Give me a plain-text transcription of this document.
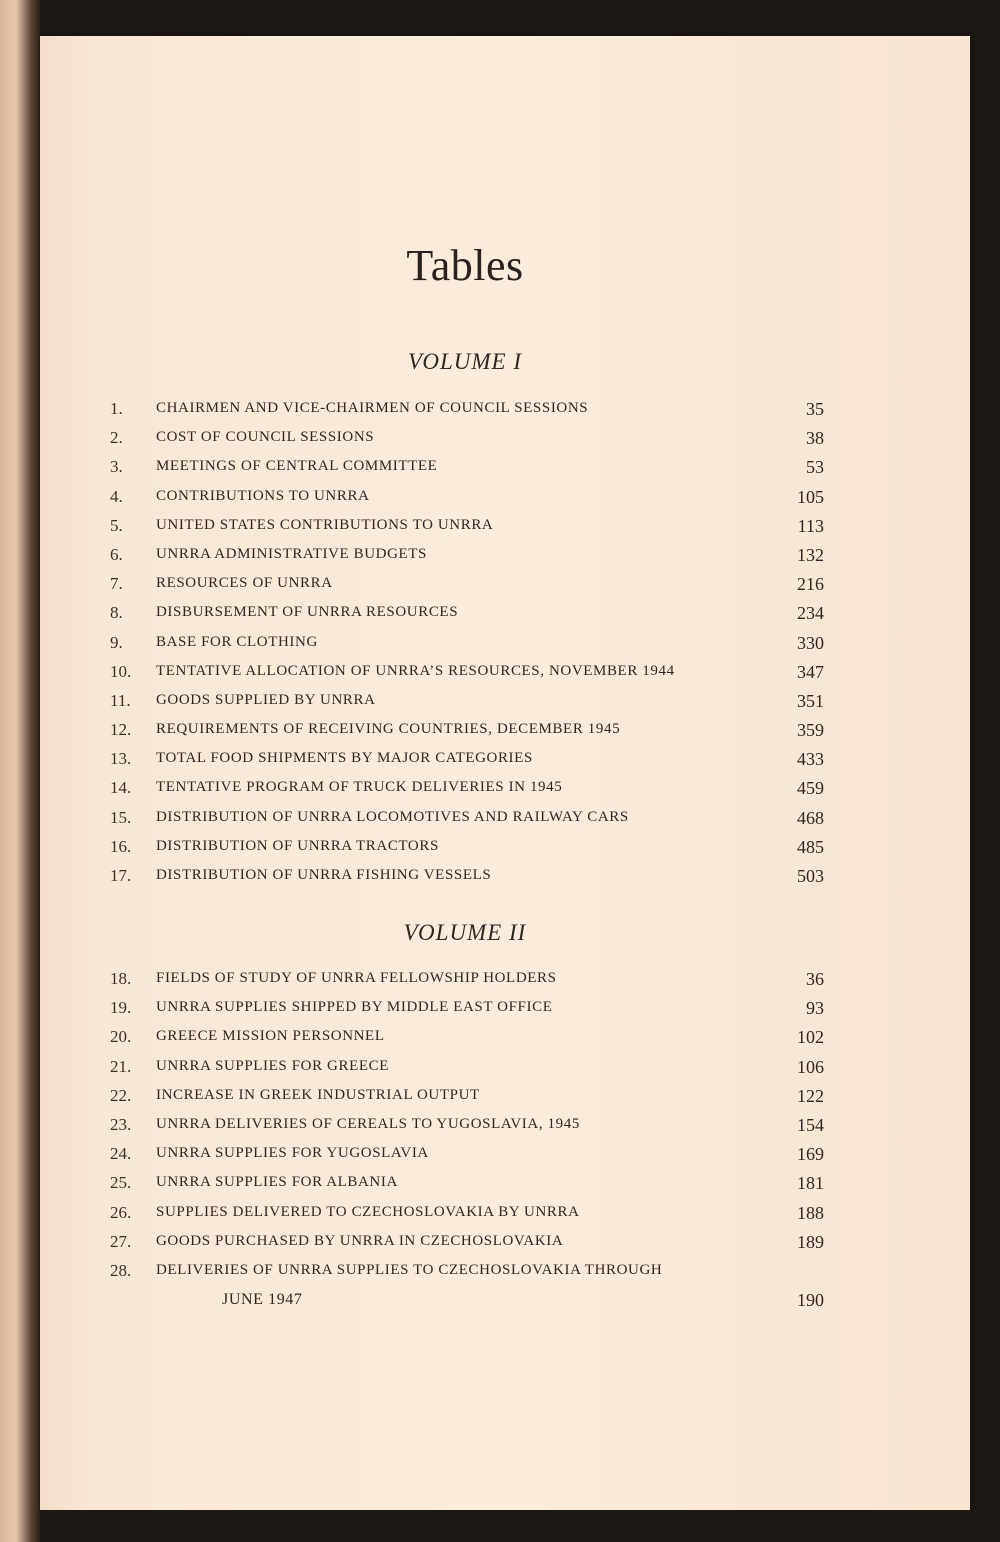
Tables
VOLUME I
1.	CHAIRMEN AND VICE-CHAIRMEN OF COUNCIL SESSIONS	35
2.	COST OF COUNCIL SESSIONS	38
3.	MEETINGS OF CENTRAL COMMITTEE	53
4.	CONTRIBUTIONS TO UNRRA	105
5.	UNITED STATES CONTRIBUTIONS TO UNRRA	113
6.	UNRRA ADMINISTRATIVE BUDGETS	132
7.	RESOURCES OF UNRRA	216
8.	DISBURSEMENT OF UNRRA RESOURCES	234
9.	BASE FOR CLOTHING	330
10.	TENTATIVE ALLOCATION OF UNRRA’S RESOURCES, NOVEMBER 1944	347
11.	GOODS SUPPLIED BY UNRRA	351
12.	REQUIREMENTS OF RECEIVING COUNTRIES, DECEMBER 1945	359
13.	TOTAL FOOD SHIPMENTS BY MAJOR CATEGORIES	433
14.	TENTATIVE PROGRAM OF TRUCK DELIVERIES IN 1945	459
15.	DISTRIBUTION OF UNRRA LOCOMOTIVES AND RAILWAY CARS	468
16.	DISTRIBUTION OF UNRRA TRACTORS	485
17.	DISTRIBUTION OF UNRRA FISHING VESSELS	503
VOLUME II
18.	FIELDS OF STUDY OF UNRRA FELLOWSHIP HOLDERS	36
19.	UNRRA SUPPLIES SHIPPED BY MIDDLE EAST OFFICE	93
20.	GREECE MISSION PERSONNEL	102
21.	UNRRA SUPPLIES FOR GREECE	106
22.	INCREASE IN GREEK INDUSTRIAL OUTPUT	122
23.	UNRRA DELIVERIES OF CEREALS TO YUGOSLAVIA, 1945	154
24.	UNRRA SUPPLIES FOR YUGOSLAVIA	169
25.	UNRRA SUPPLIES FOR ALBANIA	181
26.	SUPPLIES DELIVERED TO CZECHOSLOVAKIA BY UNRRA	188
27.	GOODS PURCHASED BY UNRRA IN CZECHOSLOVAKIA	189
28.	DELIVERIES OF UNRRA SUPPLIES TO CZECHOSLOVAKIA THROUGH
JUNE 1947	190
